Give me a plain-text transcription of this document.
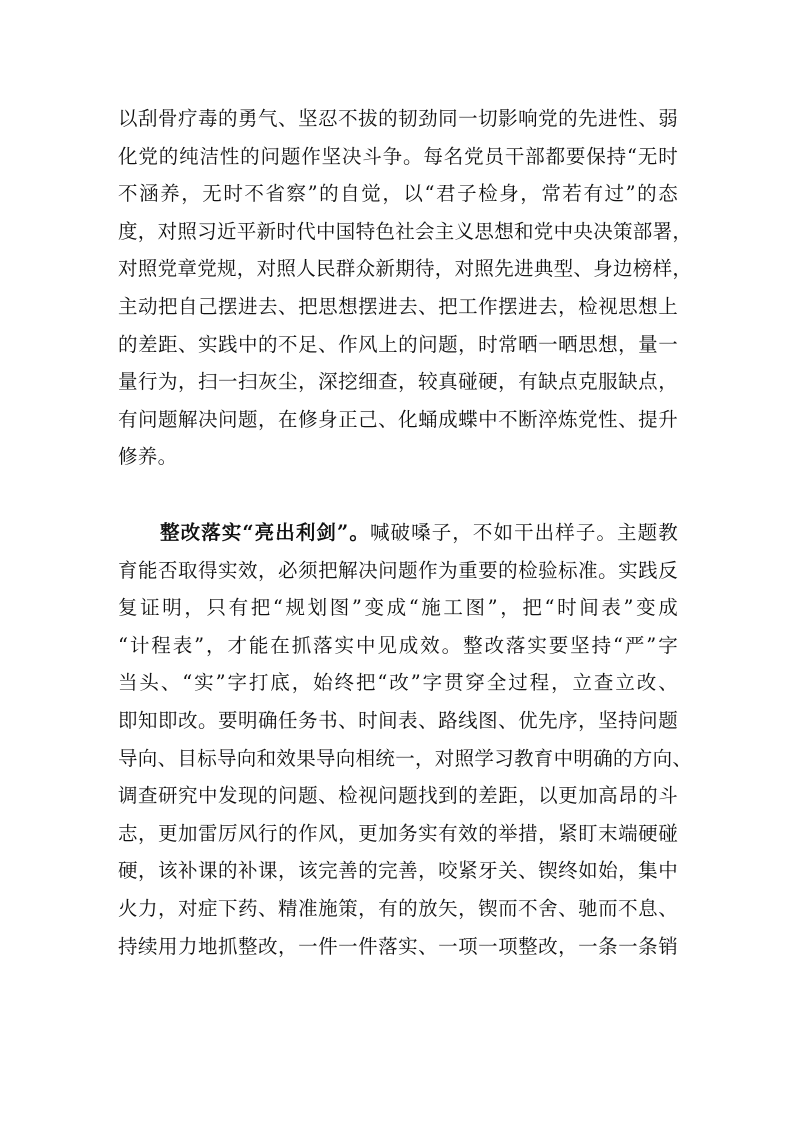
以刮骨疗毒的勇气、坚忍不拔的韧劲同一切影响党的先进性、弱
化党的纯洁性的问题作坚决斗争。每名党员干部都要保持“无时
不涵养，无时不省察”的自觉，以“君子检身，常若有过”的态
度，对照习近平新时代中国特色社会主义思想和党中央决策部署，
对照党章党规，对照人民群众新期待，对照先进典型、身边榜样，
主动把自己摆进去、把思想摆进去、把工作摆进去，检视思想上
的差距、实践中的不足、作风上的问题，时常晒一晒思想，量一
量行为，扫一扫灰尘，深挖细查，较真碰硬，有缺点克服缺点，
有问题解决问题，在修身正己、化蛹成蝶中不断淬炼党性、提升
修养。
整改落实“亮出利剑”。喊破嗓子，不如干出样子。主题教
育能否取得实效，必须把解决问题作为重要的检验标准。实践反
复证明，只有把“规划图”变成“施工图”，把“时间表”变成
“计程表”，才能在抓落实中见成效。整改落实要坚持“严”字
当头、“实”字打底，始终把“改”字贯穿全过程，立查立改、
即知即改。要明确任务书、时间表、路线图、优先序，坚持问题
导向、目标导向和效果导向相统一，对照学习教育中明确的方向、
调查研究中发现的问题、检视问题找到的差距，以更加高昂的斗
志，更加雷厉风行的作风，更加务实有效的举措，紧盯末端硬碰
硬，该补课的补课，该完善的完善，咬紧牙关、锲终如始，集中
火力，对症下药、精准施策，有的放矢，锲而不舍、驰而不息、
持续用力地抓整改，一件一件落实、一项一项整改，一条一条销
